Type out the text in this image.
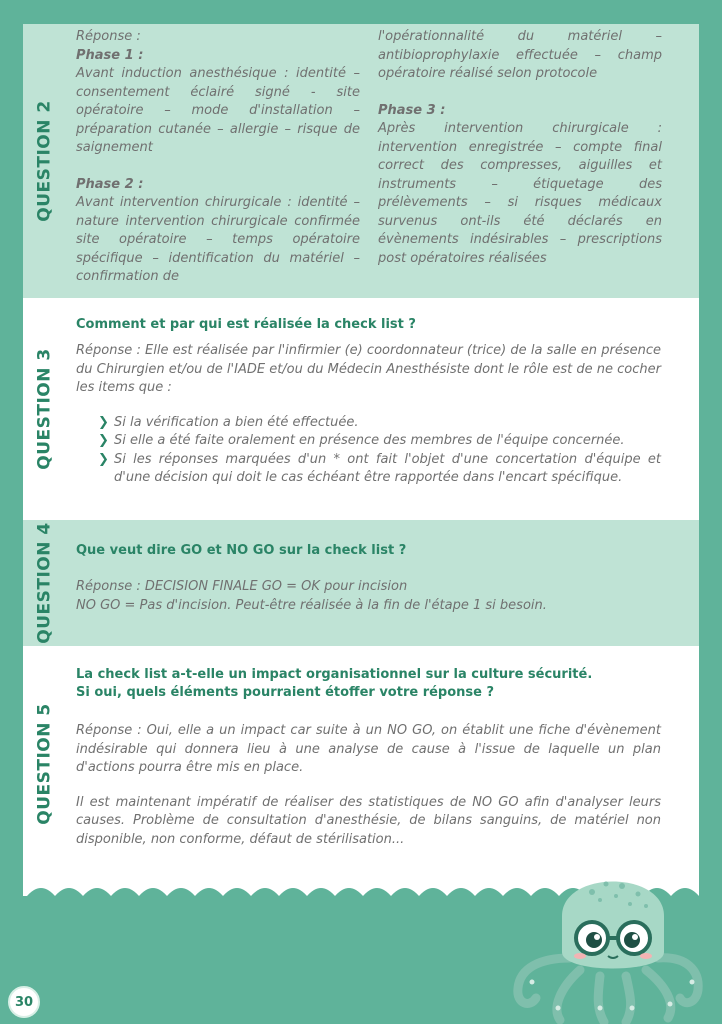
QUESTION 2

Réponse :

Phase 1 :

Avant induction anesthésique : identité – consentement éclairé signé - site opératoire – mode d'installation – préparation cutanée – allergie – risque de saignement

Phase 2 :

Avant intervention chirurgicale : identité – nature intervention chirurgicale confirmée site opératoire – temps opératoire spécifique – identification du matériel – confirmation de

l'opérationnalité du matériel – antibioprophylaxie effectuée – champ opératoire réalisé selon protocole

Phase 3 :

Après intervention chirurgicale : intervention enregistrée – compte final correct des compresses, aiguilles et instruments – étiquetage des prélèvements – si risques médicaux survenus ont-ils été déclarés en évènements indésirables – prescriptions post opératoires réalisées

QUESTION 3

Comment et par qui est réalisée la check list ?

Réponse : Elle est réalisée par l'infirmier (e) coordonnateur (trice) de la salle en présence du Chirurgien et/ou de l'IADE et/ou du Médecin Anesthésiste dont le rôle est de ne cocher les items que :

❯ Si la vérification a bien été effectuée.

❯ Si elle a été faite oralement en présence des membres de l'équipe concernée.

❯ Si les réponses marquées d'un * ont fait l'objet d'une concertation d'équipe et d'une décision qui doit le cas échéant être rapportée dans l'encart spécifique.

QUESTION 4 Que veut dire GO et NO GO sur la check list ?

Réponse : DECISION FINALE GO = OK pour incision

NO GO = Pas d'incision. Peut-être réalisée à la fin de l'étape 1 si besoin.

QUESTION 5

La check list a-t-elle un impact organisationnel sur la culture sécurité.

Si oui, quels éléments pourraient étoffer votre réponse ?

Réponse : Oui, elle a un impact car suite à un NO GO, on établit une fiche d'évènement indésirable qui donnera lieu à une analyse de cause à l'issue de laquelle un plan d'actions pourra être mis en place.

Il est maintenant impératif de réaliser des statistiques de NO GO afin d'analyser leurs causes. Problème de consultation d'anesthésie, de bilans sanguins, de matériel non disponible, non conforme, défaut de stérilisation...

30
